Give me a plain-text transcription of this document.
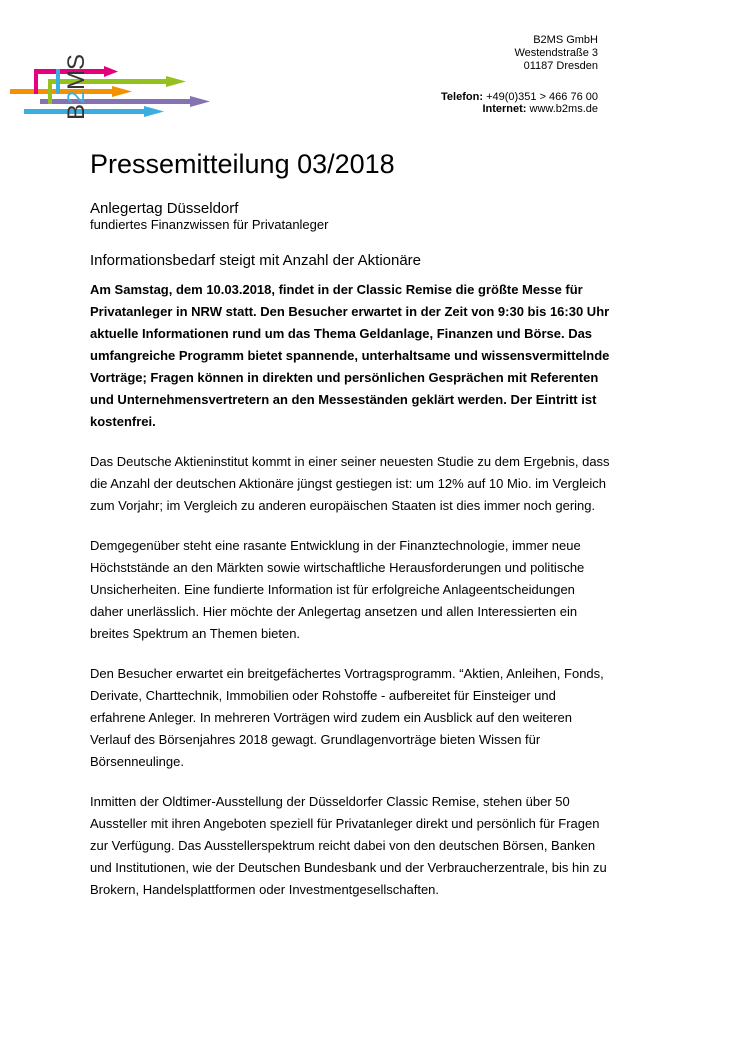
B
2
MS
B2MS GmbH
Westendstraße 3
01187 Dresden
Telefon: +49(0)351 > 466 76 00
Internet: www.b2ms.de
Pressemitteilung 03/2018
Anlegertag Düsseldorf
fundiertes Finanzwissen für Privatanleger
Informationsbedarf steigt mit Anzahl der Aktionäre
Am Samstag, dem 10.03.2018, findet in der Classic Remise die größte Messe für Privatanleger in NRW statt. Den Besucher erwartet in der Zeit von 9:30 bis 16:30 Uhr aktuelle Informationen rund um das Thema Geldanlage, Finanzen und Börse. Das umfangreiche Programm bietet spannende, unterhaltsame und wissensvermittelnde Vorträge; Fragen können in direkten und persönlichen Gesprächen mit Referenten und Unternehmensvertretern an den Messeständen geklärt werden. Der Eintritt ist kostenfrei.

Das Deutsche Aktieninstitut kommt in einer seiner neuesten Studie zu dem Ergebnis, dass die Anzahl der deutschen Aktionäre jüngst gestiegen ist: um 12% auf 10 Mio. im Vergleich zum Vorjahr; im Vergleich zu anderen europäischen Staaten ist dies immer noch gering.

Demgegenüber steht eine rasante Entwicklung in der Finanztechnologie, immer neue Höchststände an den Märkten sowie wirtschaftliche Herausforderungen und politische Unsicherheiten. Eine fundierte Information ist für erfolgreiche Anlageentscheidungen daher unerlässlich. Hier möchte der Anlegertag ansetzen und allen Interessierten ein breites Spektrum an Themen bieten.

Den Besucher erwartet ein breitgefächertes Vortragsprogramm. “Aktien, Anleihen, Fonds, Derivate, Charttechnik, Immobilien oder Rohstoffe - aufbereitet für Einsteiger und erfahrene Anleger. In mehreren Vorträgen wird zudem ein Ausblick auf den weiteren Verlauf des Börsenjahres 2018 gewagt. Grundlagenvorträge bieten Wissen für Börsenneulinge.

Inmitten der Oldtimer-Ausstellung der Düsseldorfer Classic Remise, stehen über 50 Aussteller mit ihren Angeboten speziell für Privatanleger direkt und persönlich für Fragen zur Verfügung. Das Ausstellerspektrum reicht dabei von den deutschen Börsen, Banken und Institutionen, wie der Deutschen Bundesbank und der Verbraucherzentrale, bis hin zu Brokern, Handelsplattformen oder Investmentgesellschaften.
